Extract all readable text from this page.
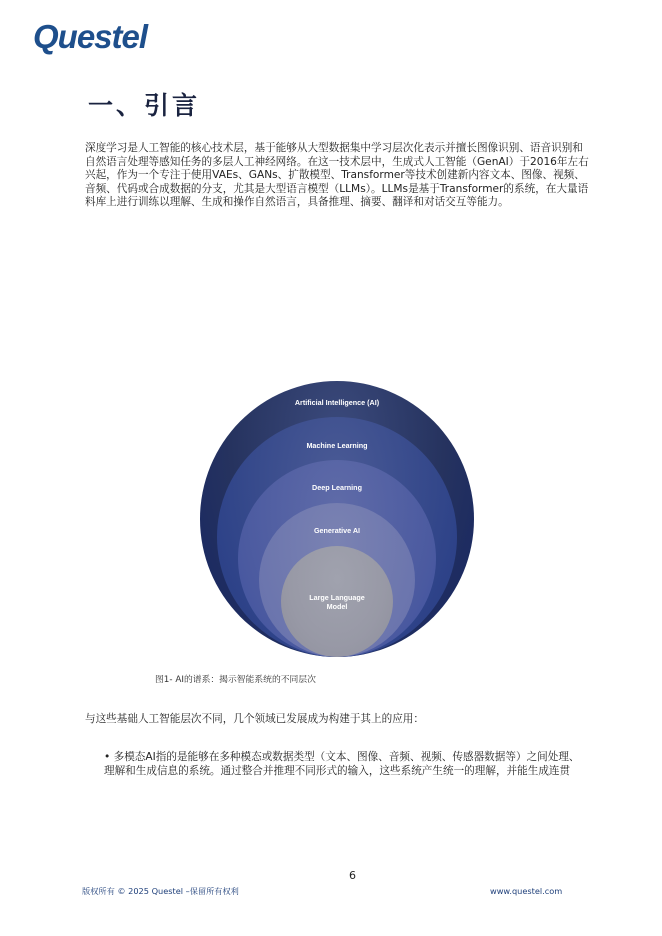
Questel
一、引言
深度学习是人工智能的核心技术层，基于能够从大型数据集中学习层次化表示并擅长图像识别、语音识别和自然语言处理等感知任务的多层人工神经网络。在这一技术层中，生成式人工智能（GenAI）于2016年左右兴起，作为一个专注于使用VAEs、GANs、扩散模型、Transformer等技术创建新内容文本、图像、视频、音频、代码或合成数据的分支，尤其是大型语言模型（LLMs）。LLMs是基于Transformer的系统，在大量语料库上进行训练以理解、生成和操作自然语言，具备推理、摘要、翻译和对话交互等能力。
Artificial Intelligence (AI)
Machine Learning
Deep Learning
Generative AI
Large Language
Model
图1- AI的谱系：揭示智能系统的不同层次
与这些基础人工智能层次不同，几个领域已发展成为构建于其上的应用：
• 多模态AI指的是能够在多种模态或数据类型（文本、图像、音频、视频、传感器数据等）之间处理、理解和生成信息的系统。通过整合并推理不同形式的输入，这些系统产生统一的理解，并能生成连贯
6
版权所有 © 2025 Questel –保留所有权利	www.questel.com
